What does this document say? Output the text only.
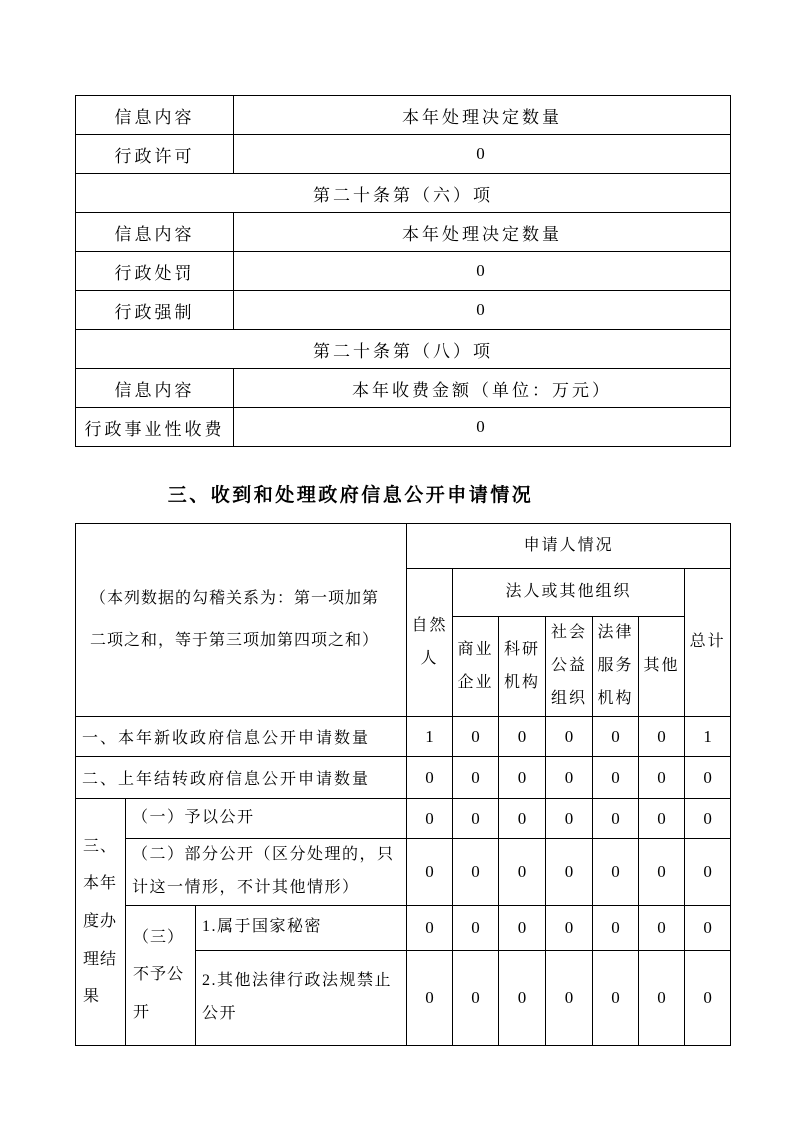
信息内容	本年处理决定数量
行政许可	0
第二十条第（六）项	
信息内容	本年处理决定数量
行政处罚	0
行政强制	0
第二十条第（八）项	
信息内容	本年收费金额（单位：万元）
行政事业性收费	0
三、收到和处理政府信息公开申请情况
（本列数据的勾稽关系为：第一项加第二项之和，等于第三项加第四项之和）			申请人情况						
			自然人	法人或其他组织					总计
				商业企业	科研机构	社会公益组织	法律服务机构	其他	
一、本年新收政府信息公开申请数量			1	0	0	0	0	0	1
二、上年结转政府信息公开申请数量			0	0	0	0	0	0	0
三、本年度办理结果	（一）予以公开		0	0	0	0	0	0	0
	（二）部分公开（区分处理的，只计这一情形，不计其他情形）		0	0	0	0	0	0	0
	（三）不予公开	1.属于国家秘密	0	0	0	0	0	0	0
		2.其他法律行政法规禁止公开	0	0	0	0	0	0	0
